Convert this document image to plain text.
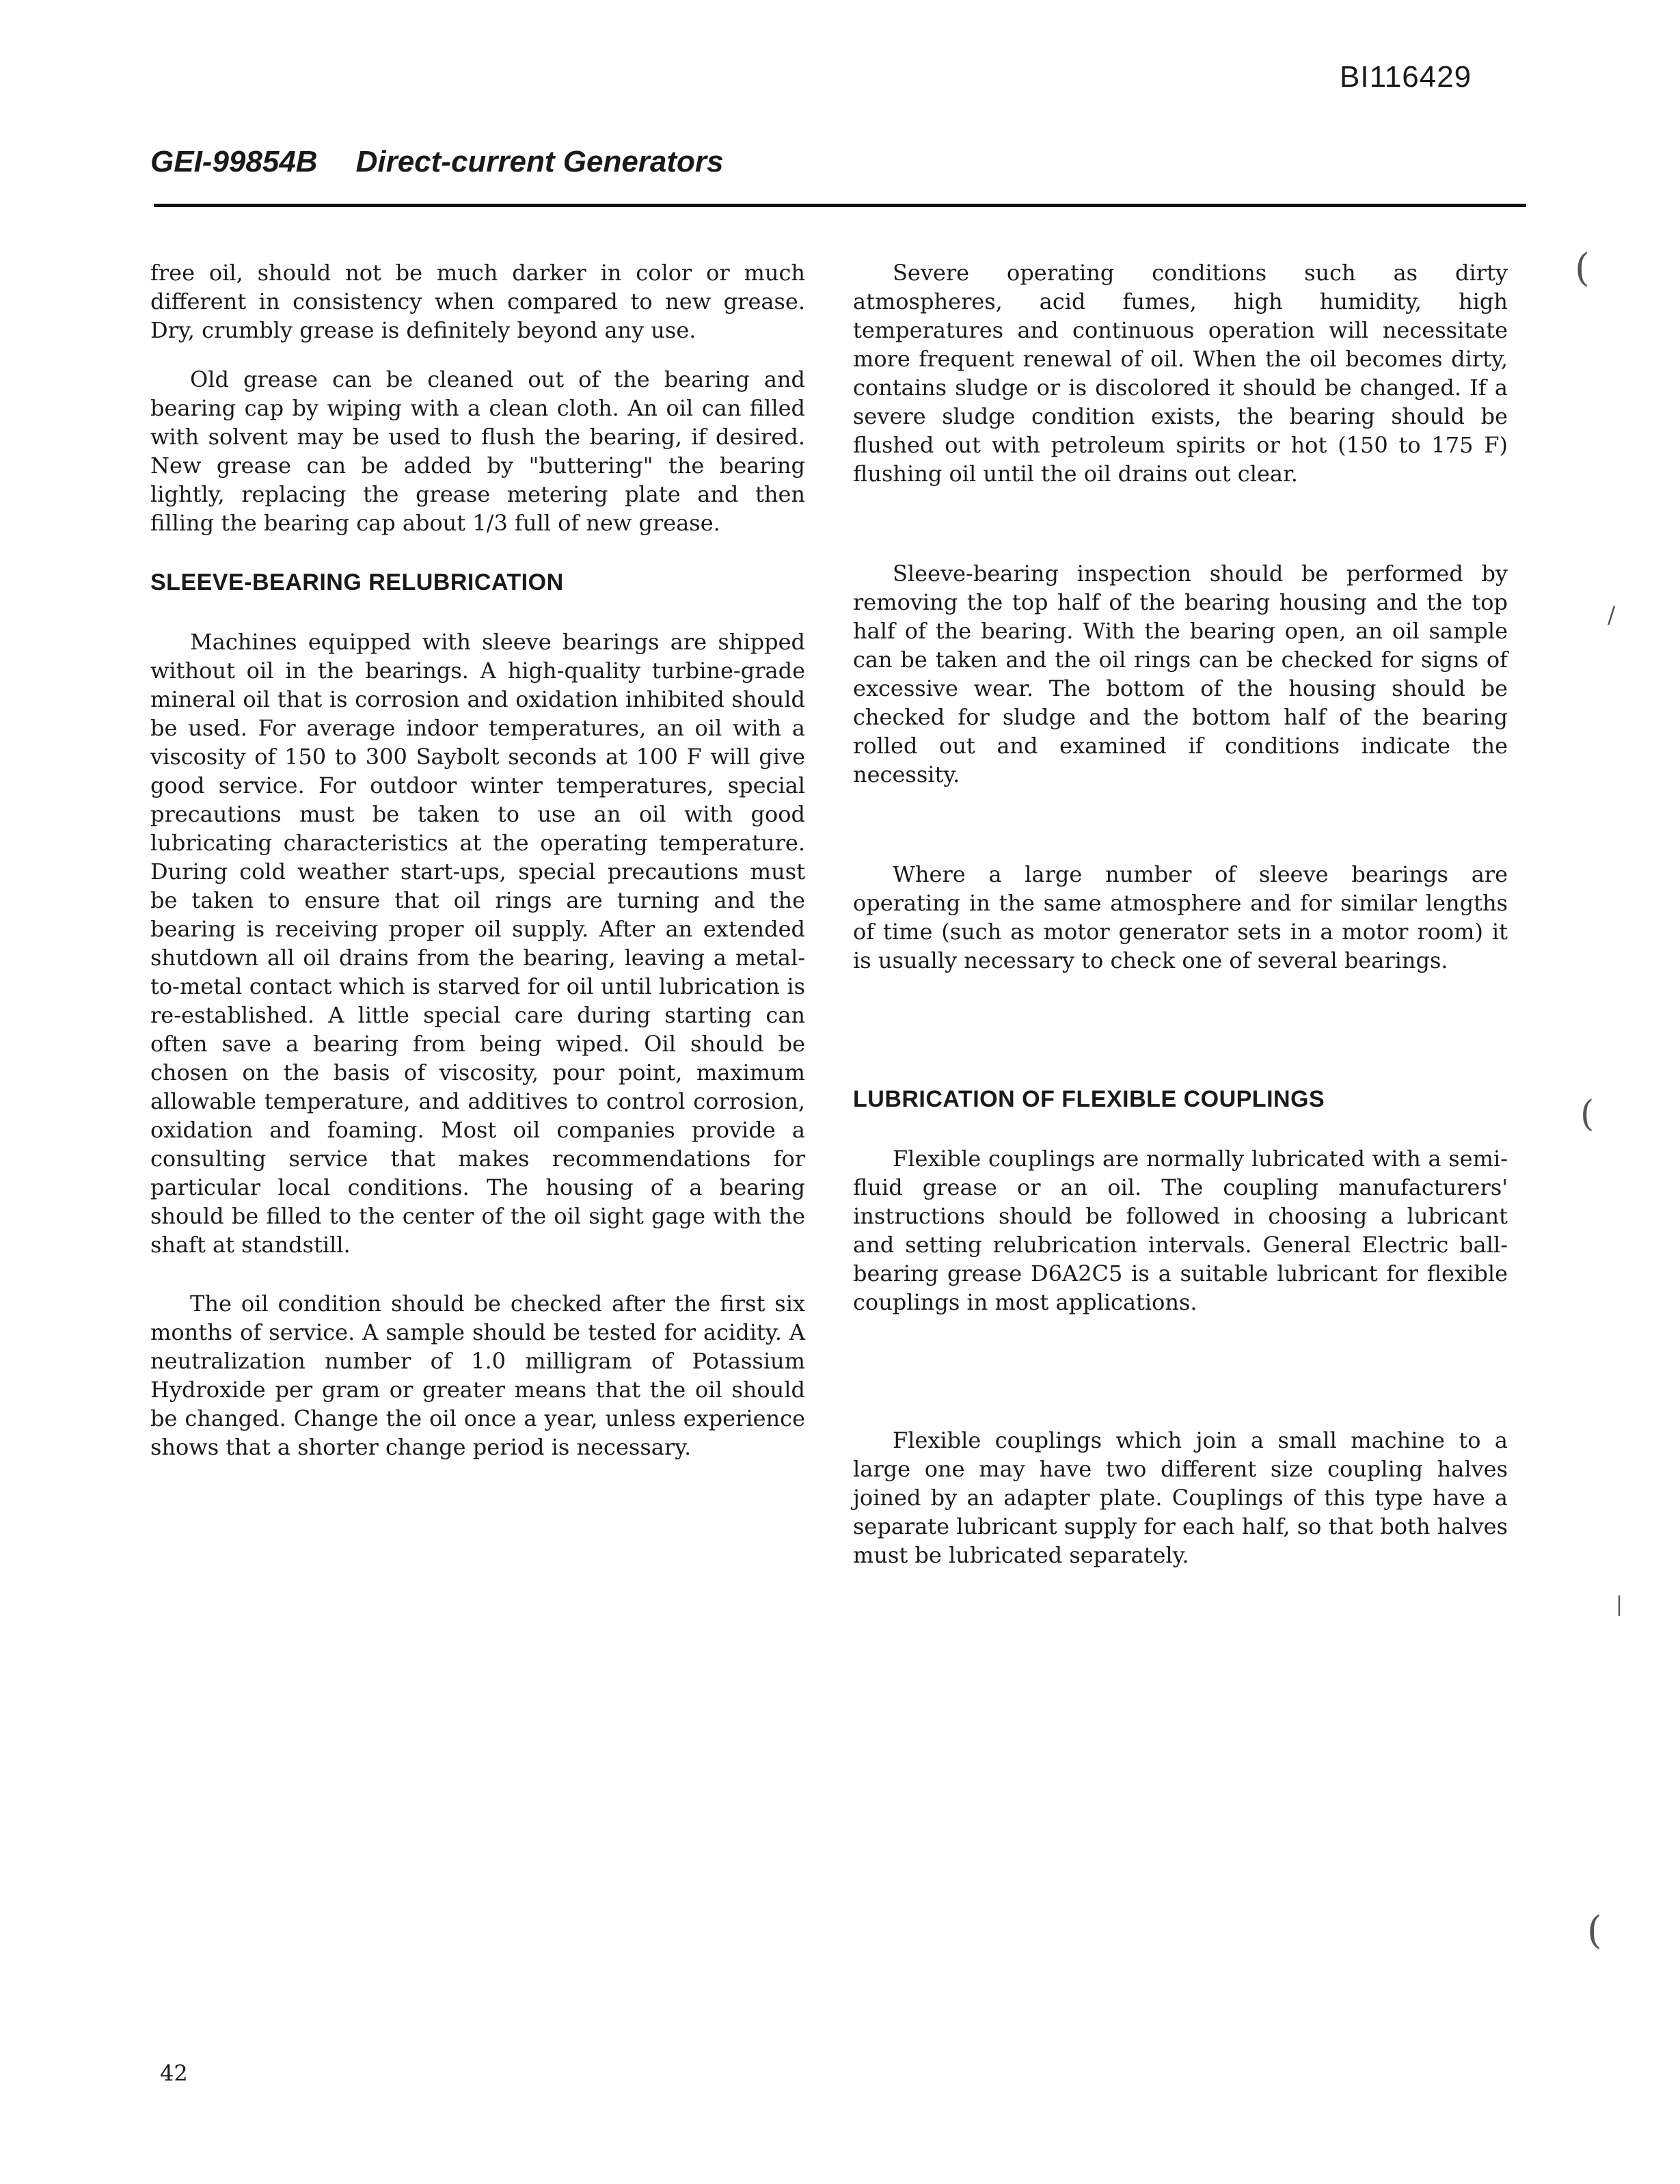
BI116429
GEI-99854B Direct-current Generators

free oil, should not be much darker in color or much different in consistency when compared to new grease. Dry, crumbly grease is definitely beyond any use.

Old grease can be cleaned out of the bearing and bearing cap by wiping with a clean cloth. An oil can filled with solvent may be used to flush the bearing, if desired. New grease can be added by "buttering" the bearing lightly, replacing the grease metering plate and then filling the bearing cap about 1/3 full of new grease.

SLEEVE-BEARING RELUBRICATION

Machines equipped with sleeve bearings are shipped without oil in the bearings. A high-quality turbine-grade mineral oil that is corrosion and oxidation inhibited should be used. For average indoor temperatures, an oil with a viscosity of 150 to 300 Saybolt seconds at 100 F will give good service. For outdoor winter temperatures, special precautions must be taken to use an oil with good lubricating characteristics at the operating temperature. During cold weather start-ups, special precautions must be taken to ensure that oil rings are turning and the bearing is receiving proper oil supply. After an extended shutdown all oil drains from the bearing, leaving a metal-to-metal contact which is starved for oil until lubrication is re-established. A little special care during starting can often save a bearing from being wiped. Oil should be chosen on the basis of viscosity, pour point, maximum allowable temperature, and additives to control corrosion, oxidation and foaming. Most oil companies provide a consulting service that makes recommendations for particular local conditions. The housing of a bearing should be filled to the center of the oil sight gage with the shaft at standstill.

The oil condition should be checked after the first six months of service. A sample should be tested for acidity. A neutralization number of 1.0 milligram of Potassium Hydroxide per gram or greater means that the oil should be changed. Change the oil once a year, unless experience shows that a shorter change period is necessary.

Severe operating conditions such as dirty atmospheres, acid fumes, high humidity, high temperatures and continuous operation will necessitate more frequent renewal of oil. When the oil becomes dirty, contains sludge or is discolored it should be changed. If a severe sludge condition exists, the bearing should be flushed out with petroleum spirits or hot (150 to 175 F) flushing oil until the oil drains out clear.

Sleeve-bearing inspection should be performed by removing the top half of the bearing housing and the top half of the bearing. With the bearing open, an oil sample can be taken and the oil rings can be checked for signs of excessive wear. The bottom of the housing should be checked for sludge and the bottom half of the bearing rolled out and examined if conditions indicate the necessity.

Where a large number of sleeve bearings are operating in the same atmosphere and for similar lengths of time (such as motor generator sets in a motor room) it is usually necessary to check one of several bearings.

LUBRICATION OF FLEXIBLE COUPLINGS

Flexible couplings are normally lubricated with a semi-fluid grease or an oil. The coupling manufacturers' instructions should be followed in choosing a lubricant and setting relubrication intervals. General Electric ball-bearing grease D6A2C5 is a suitable lubricant for flexible couplings in most applications.

Flexible couplings which join a small machine to a large one may have two different size coupling halves joined by an adapter plate. Couplings of this type have a separate lubricant supply for each half, so that both halves must be lubricated separately.

42
(
/
(
|
(
